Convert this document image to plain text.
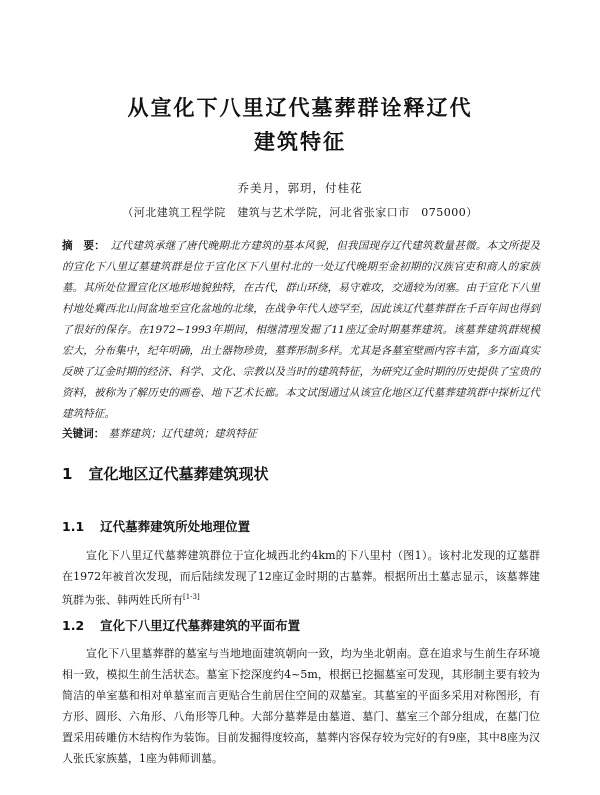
从宣化下八里辽代墓葬群诠释辽代
建筑特征
乔美月，郭玥，付桂花
（河北建筑工程学院　建筑与艺术学院，河北省张家口市　075000）
摘　要： 辽代建筑承继了唐代晚期北方建筑的基本风貌，但我国现存辽代建筑数量甚微。本文所提及的宣化下八里辽墓建筑群是位于宣化区下八里村北的一处辽代晚期至金初期的汉族官吏和商人的家族墓。其所处位置宣化区地形地貌独特，在古代，群山环绕，易守难攻，交通较为闭塞。由于宣化下八里村地处冀西北山间盆地至宣化盆地的北缘，在战争年代人迹罕至，因此该辽代墓葬群在千百年间也得到了很好的保存。在1972~1993年期间，相继清理发掘了11座辽金时期墓葬建筑。该墓葬建筑群规模宏大，分布集中，纪年明确，出土器物珍贵，墓葬形制多样。尤其是各墓室壁画内容丰富，多方面真实反映了辽金时期的经济、科学、文化、宗教以及当时的建筑特征，为研究辽金时期的历史提供了宝贵的资料，被称为了解历史的画卷、地下艺术长廊。本文试图通过从该宣化地区辽代墓葬建筑群中探析辽代建筑特征。
关键词： 墓葬建筑；辽代建筑；建筑特征
1 宣化地区辽代墓葬建筑现状
1.1 辽代墓葬建筑所处地理位置
宣化下八里辽代墓葬建筑群位于宣化城西北约4km的下八里村（图1）。该村北发现的辽墓群在1972年被首次发现，而后陆续发现了12座辽金时期的古墓葬。根据所出土墓志显示，该墓葬建筑群为张、韩两姓氏所有[1-3]
1.2 宣化下八里辽代墓葬建筑的平面布置
宣化下八里墓葬群的墓室与当地地面建筑朝向一致，均为坐北朝南。意在追求与生前生存环境相一致，模拟生前生活状态。墓室下挖深度约4~5m，根据已挖掘墓室可发现，其形制主要有较为简洁的单室墓和相对单墓室而言更贴合生前居住空间的双墓室。其墓室的平面多采用对称图形，有方形、圆形、六角形、八角形等几种。大部分墓葬是由墓道、墓门、墓室三个部分组成，在墓门位置采用砖雕仿木结构作为装饰。目前发掘得度较高，墓葬内容保存较为完好的有9座，其中8座为汉人张氏家族墓，1座为韩师训墓。
